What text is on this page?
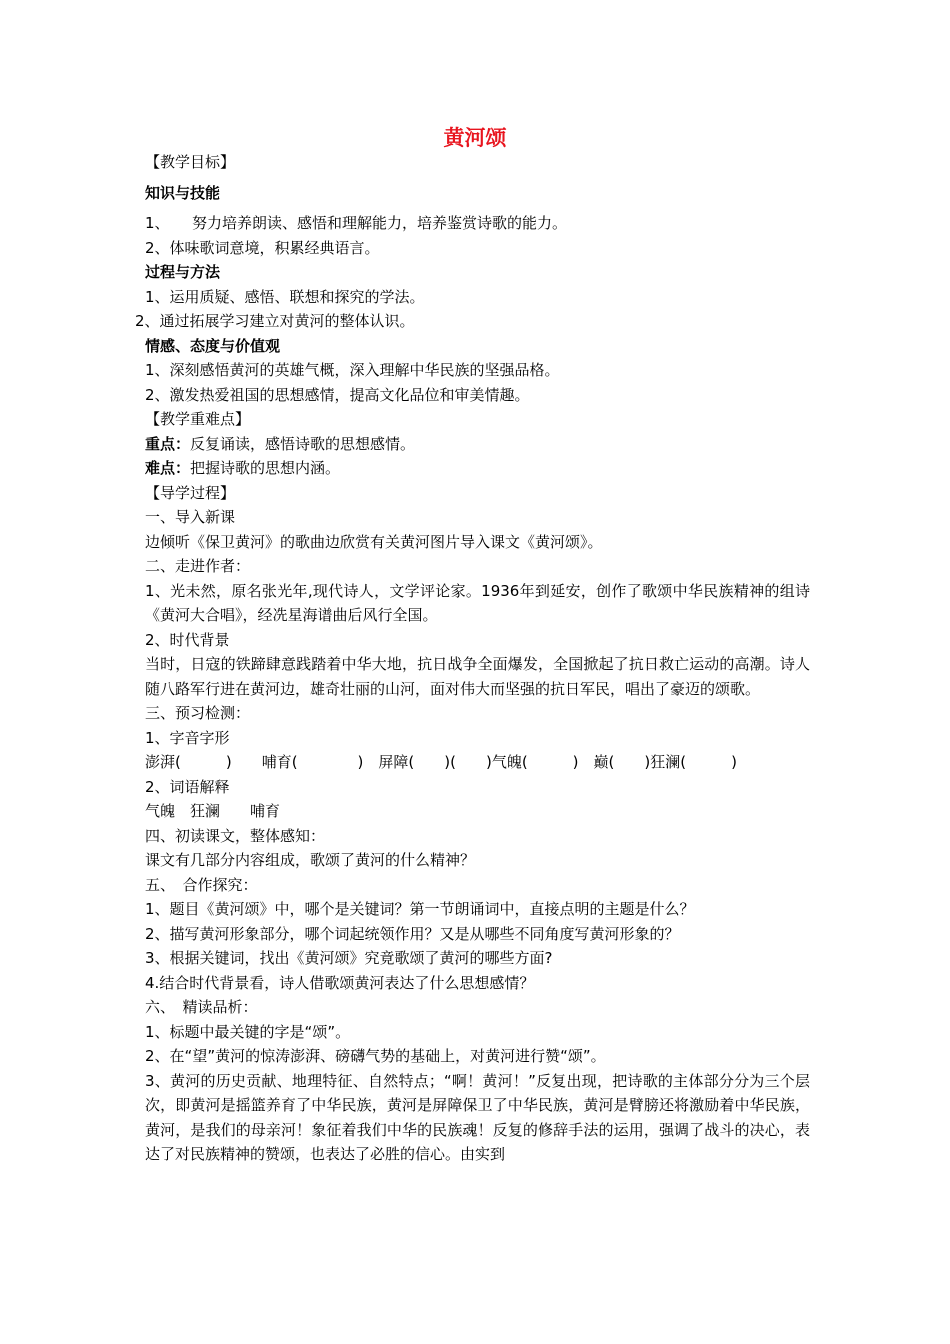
黄河颂
【教学目标】
知识与技能
1、　　努力培养朗读、感悟和理解能力，培养鉴赏诗歌的能力。
2、体味歌词意境，积累经典语言。
过程与方法
1、运用质疑、感悟、联想和探究的学法。
2、通过拓展学习建立对黄河的整体认识。
情感、态度与价值观
1、深刻感悟黄河的英雄气概，深入理解中华民族的坚强品格。
2、激发热爱祖国的思想感情，提高文化品位和审美情趣。
【教学重难点】
重点：反复诵读，感悟诗歌的思想感情。
难点：把握诗歌的思想内涵。
【导学过程】
一、导入新课
边倾听《保卫黄河》的歌曲边欣赏有关黄河图片导入课文《黄河颂》。
二、走进作者：
1、光未然，原名张光年,现代诗人，文学评论家。1936年到延安，创作了歌颂中华民族精神的组诗《黄河大合唱》，经冼星海谱曲后风行全国。
2、时代背景
当时，日寇的铁蹄肆意践踏着中华大地，抗日战争全面爆发，全国掀起了抗日救亡运动的高潮。诗人随八路军行进在黄河边，雄奇壮丽的山河，面对伟大而坚强的抗日军民，唱出了豪迈的颂歌。
三、预习检测：
1、字音字形
澎湃(　　　)　　哺育(　　　　)　屏障(　　)(　　)气魄(　　　)　巅(　　)狂澜(　　　)
2、词语解释
气魄　狂澜　　哺育
四、初读课文，整体感知：
课文有几部分内容组成，歌颂了黄河的什么精神？
五、　合作探究：
1、题目《黄河颂》中，哪个是关键词？第一节朗诵词中，直接点明的主题是什么？
2、描写黄河形象部分，哪个词起统领作用？又是从哪些不同角度写黄河形象的？
3、根据关键词，找出《黄河颂》究竟歌颂了黄河的哪些方面?
4.结合时代背景看，诗人借歌颂黄河表达了什么思想感情？
六、　精读品析：
1、标题中最关键的字是“颂”。
2、在“望”黄河的惊涛澎湃、磅礴气势的基础上，对黄河进行赞“颂”。
3、黄河的历史贡献、地理特征、自然特点；“啊！黄河！”反复出现，把诗歌的主体部分分为三个层次，即黄河是摇篮养育了中华民族，黄河是屏障保卫了中华民族，黄河是臂膀还将激励着中华民族，黄河，是我们的母亲河！象征着我们中华的民族魂！反复的修辞手法的运用，强调了战斗的决心，表达了对民族精神的赞颂，也表达了必胜的信心。由实到
